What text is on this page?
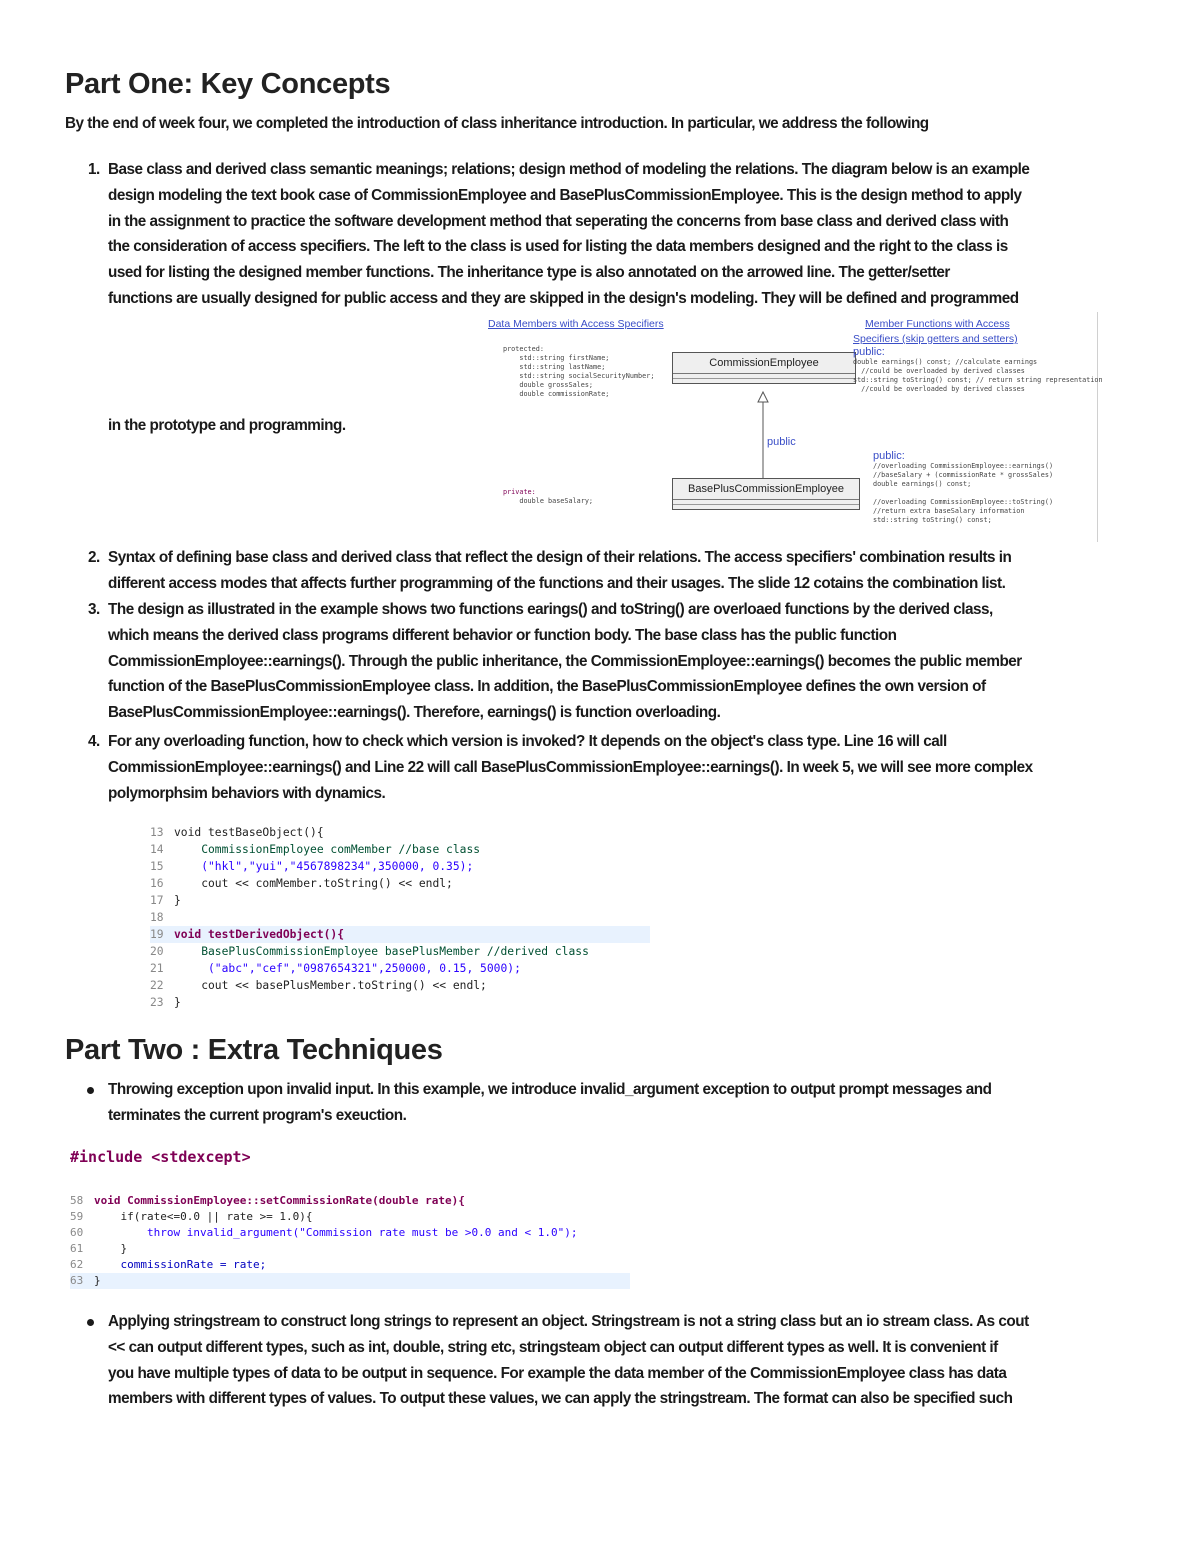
Part One: Key Concepts

By the end of week four, we completed the introduction of class inheritance introduction. In particular, we address the following

1. Base class and derived class semantic meanings; relations; design method of modeling the relations. The diagram below is an example
design modeling the text book case of CommissionEmployee and BasePlusCommissionEmployee. This is the design method to apply
in the assignment to practice the software development method that seperating the concerns from base class and derived class with
the consideration of access specifiers. The left to the class is used for listing the data members designed and the right to the class is
used for listing the designed member functions. The inheritance type is also annotated on the arrowed line. The getter/setter
functions are usually designed for public access and they are skipped in the design's modeling. They will be defined and programmed
Data Members with Access Specifiers	Member Functions with Access
Specifiers (skip getters and setters)
protected:
std::string firstName;
std::string lastName;
std::string socialSecurityNumber;
double grossSales;
double commissionRate;
CommissionEmployee
public
public:
double earnings() const; //calculate earnings
//could be overloaded by derived classes
std::string toString() const; // return string representation
//could be overloaded by derived classes
BasePlusCommissionEmployee
private:
double baseSalary;
public:
//overloading CommissionEmployee::earnings()
//baseSalary + (commissionRate * grossSales)
double earnings() const;

//overloading CommissionEmployee::toString()
//return extra baseSalary information
std::string toString() const;
in the prototype and programming.
2. Syntax of defining base class and derived class that reflect the design of their relations. The access specifiers' combination results in
different access modes that affects further programming of the functions and their usages. The slide 12 cotains the combination list.
3. The design as illustrated in the example shows two functions earings() and toString() are overloaed functions by the derived class,
which means the derived class programs different behavior or function body. The base class has the public function
CommissionEmployee::earnings(). Through the public inheritance, the CommissionEmployee::earnings() becomes the public member
function of the BasePlusCommissionEmployee class. In addition, the BasePlusCommissionEmployee defines the own version of
BasePlusCommissionEmployee::earnings(). Therefore, earnings() is function overloading.
4. For any overloading function, how to check which version is invoked? It depends on the object's class type. Line 16 will call
CommissionEmployee::earnings() and Line 22 will call BasePlusCommissionEmployee::earnings(). In week 5, we will see more complex
polymorphsim behaviors with dynamics.
13 void testBaseObject(){
14    CommissionEmployee comMember //base class
15    ("hkl","yui","4567898234",350000, 0.35);
16    cout << comMember.toString() << endl;
17 }
18
19 void testDerivedObject(){
20    BasePlusCommissionEmployee basePlusMember //derived class
21     ("abc","cef","0987654321",250000, 0.15, 5000);
22    cout << basePlusMember.toString() << endl;
23 }
Part Two : Extra Techniques
Throwing exception upon invalid input. In this example, we introduce invalid_argument exception to output prompt messages and
terminates the current program's exeuction.
#include <stdexcept>
58 void CommissionEmployee::setCommissionRate(double rate){
59    if(rate<=0.0 || rate >= 1.0){
60        throw invalid_argument("Commission rate must be >0.0 and < 1.0");
61    }
62    commissionRate = rate;
63 }
Applying stringstream to construct long strings to represent an object. Stringstream is not a string class but an io stream class. As cout
<< can output different types, such as int, double, string etc, stringsteam object can output different types as well. It is convenient if
you have multiple types of data to be output in sequence. For example the data member of the CommissionEmployee class has data
members with different types of values. To output these values, we can apply the stringstream. The format can also be specified such
